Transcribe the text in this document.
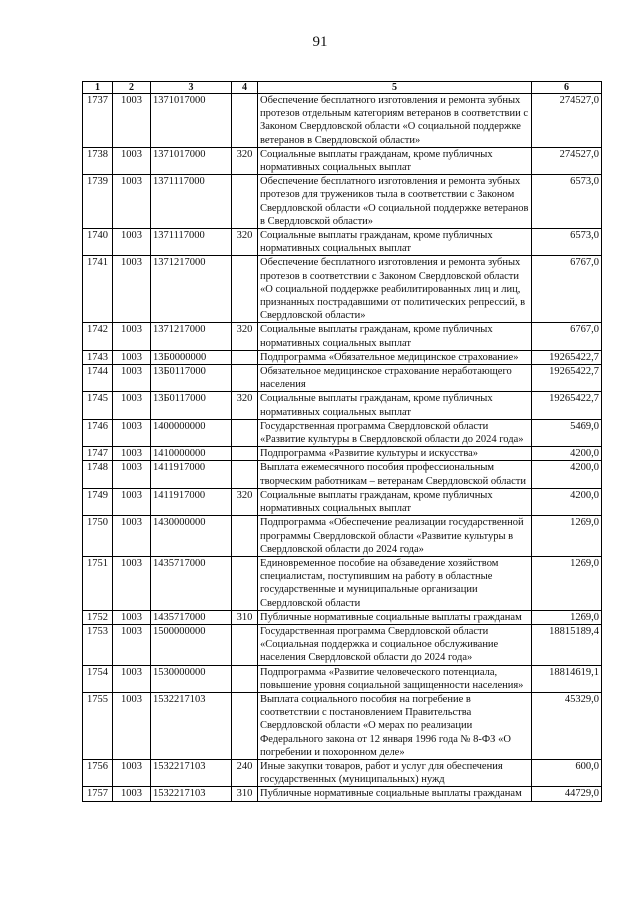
91
1	2	3	4	5	6
1737	1003	1371017000		Обеспечение бесплатного изготовления и ремонта зубных протезов отдельным категориям ветеранов в соответствии с Законом Свердловской области «О социальной поддержке ветеранов в Свердловской области»	274527,0
1738	1003	1371017000	320	Социальные выплаты гражданам, кроме публичных нормативных социальных выплат	274527,0
1739	1003	1371117000		Обеспечение бесплатного изготовления и ремонта зубных протезов для труженикoв тыла в соответствии с Законом Свердловской области «О социальной поддержке ветеранов в Свердловской области»	6573,0
1740	1003	1371117000	320	Социальные выплаты гражданам, кроме публичных нормативных социальных выплат	6573,0
1741	1003	1371217000		Обеспечение бесплатного изготовления и ремонта зубных протезов в соответствии с Законом Свердловской области «О социальной поддержке реабилитированных лиц и лиц, признанных пострадавшими от политических репрессий, в Свердловской области»	6767,0
1742	1003	1371217000	320	Социальные выплаты гражданам, кроме публичных нормативных социальных выплат	6767,0
1743	1003	13Б0000000		Подпрограмма «Обязательное медицинское страхование»	19265422,7
1744	1003	13Б0117000		Обязательное медицинское страхование неработающего населения	19265422,7
1745	1003	13Б0117000	320	Социальные выплаты гражданам, кроме публичных нормативных социальных выплат	19265422,7
1746	1003	1400000000		Государственная программа Свердловской области «Развитие культуры в Свердловской области до 2024 года»	5469,0
1747	1003	1410000000		Подпрограмма «Развитие культуры и искусства»	4200,0
1748	1003	1411917000		Выплата ежемесячного пособия профессиональным творческим работникам – ветеранам Свердловской области	4200,0
1749	1003	1411917000	320	Социальные выплаты гражданам, кроме публичных нормативных социальных выплат	4200,0
1750	1003	1430000000		Подпрограмма «Обеспечение реализации государственной программы Свердловской области «Развитие культуры в Свердловской области до 2024 года»	1269,0
1751	1003	1435717000		Единовременное пособие на обзаведение хозяйством специалистам, поступившим на работу в областные государственные и муниципальные организации Свердловской области	1269,0
1752	1003	1435717000	310	Публичные нормативные социальные выплаты гражданам	1269,0
1753	1003	1500000000		Государственная программа Свердловской области «Социальная поддержка и социальное обслуживание населения Свердловской области до 2024 года»	18815189,4
1754	1003	1530000000		Подпрограмма «Развитие человеческого потенциала, повышение уровня социальной защищенности населения»	18814619,1
1755	1003	1532217103		Выплата социального пособия на погребение в соответствии с постановлением Правительства Свердловской области «О мерах по реализации Федерального закона от 12 января 1996 года № 8-ФЗ «О погребении и похоронном деле»	45329,0
1756	1003	1532217103	240	Иные закупки товаров, работ и услуг для обеспечения государственных (муниципальных) нужд	600,0
1757	1003	1532217103	310	Публичные нормативные социальные выплаты гражданам	44729,0
